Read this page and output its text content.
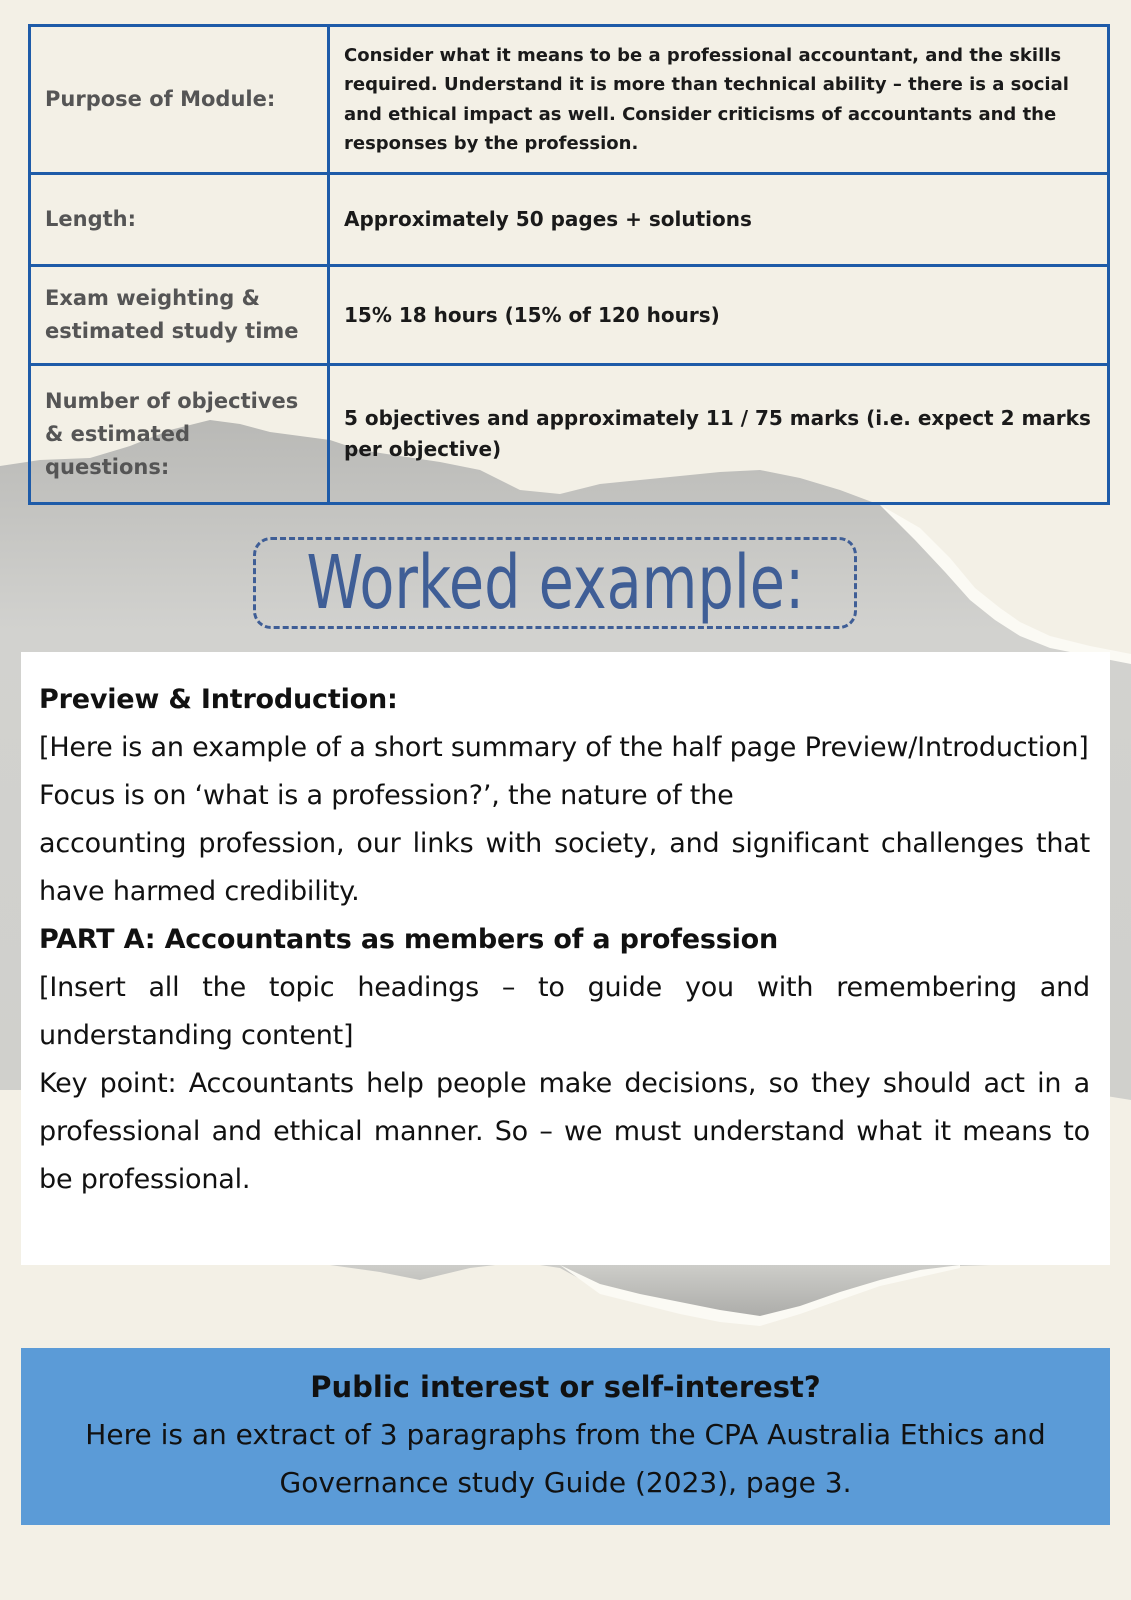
Purpose of Module:	Consider what it means to be a professional accountant, and the skills required. Understand it is more than technical ability – there is a social and ethical impact as well. Consider criticisms of accountants and the responses by the profession.
Length:	Approximately 50 pages + solutions
Exam weighting & estimated study time	15% 18 hours (15% of 120 hours)
Number of objectives & estimated questions:	5 objectives and approximately 11 / 75 marks (i.e. expect 2 marks per objective)
Worked example:

Preview & Introduction:

[Here is an example of a short summary of the half page Preview/Introduction]

Focus is on ‘what is a profession?’, the nature of the

accounting profession, our links with society, and significant challenges that have harmed credibility.

PART A: Accountants as members of a profession

[Insert all the topic headings – to guide you with remembering and understanding content]

Key point: Accountants help people make decisions, so they should act in a professional and ethical manner. So – we must understand what it means to be professional.

Public interest or self-interest?
Here is an extract of 3 paragraphs from the CPA Australia Ethics and Governance study Guide (2023), page 3.
